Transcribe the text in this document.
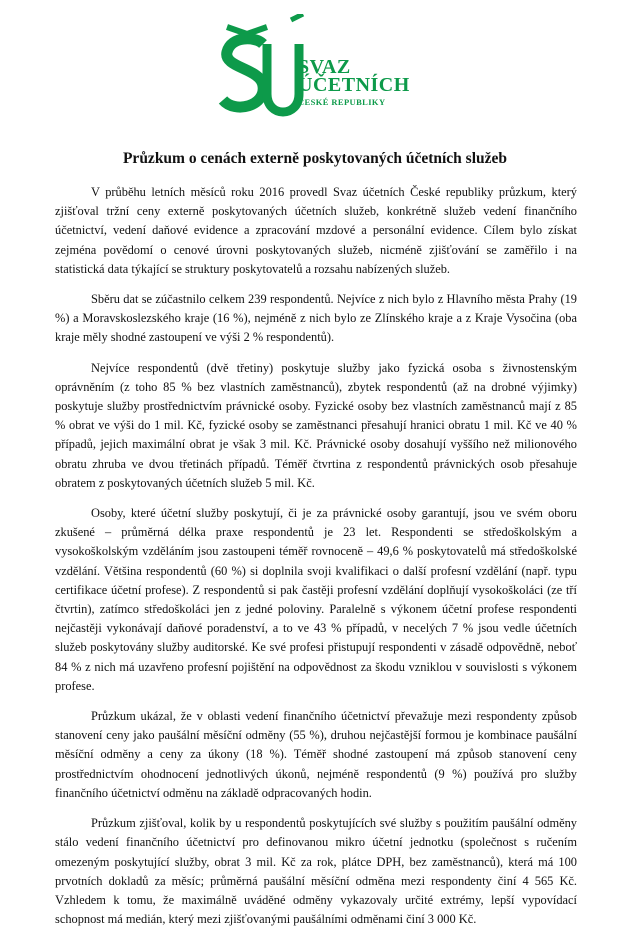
SVAZ
ÚČETNÍCH
ČESKÉ REPUBLIKY
Průzkum o cenách externě poskytovaných účetních služeb

V průběhu letních měsíců roku 2016 provedl Svaz účetních České republiky průzkum, který zjišťoval tržní ceny externě poskytovaných účetních služeb, konkrétně služeb vedení finančního účetnictví, vedení daňové evidence a zpracování mzdové a personální evidence. Cílem bylo získat zejména povědomí o cenové úrovni poskytovaných služeb, nicméně zjišťování se zaměřilo i na statistická data týkající se struktury poskytovatelů a rozsahu nabízených služeb.

Sběru dat se zúčastnilo celkem 239 respondentů. Nejvíce z nich bylo z Hlavního města Prahy (19 %) a Moravskoslezského kraje (16 %), nejméně z nich bylo ze Zlínského kraje a z Kraje Vysočina (oba kraje měly shodné zastoupení ve výši 2 % respondentů).

Nejvíce respondentů (dvě třetiny) poskytuje služby jako fyzická osoba s živnostenským oprávněním (z toho 85 % bez vlastních zaměstnanců), zbytek respondentů (až na drobné výjimky) poskytuje služby prostřednictvím právnické osoby. Fyzické osoby bez vlastních zaměstnanců mají z 85 % obrat ve výši do 1 mil. Kč, fyzické osoby se zaměstnanci přesahují hranici obratu 1 mil. Kč ve 40 % případů, jejich maximální obrat je však 3 mil. Kč. Právnické osoby dosahují vyššího než milionového obratu zhruba ve dvou třetinách případů. Téměř čtvrtina z respondentů právnických osob přesahuje obratem z poskytovaných účetních služeb 5 mil. Kč.

Osoby, které účetní služby poskytují, či je za právnické osoby garantují, jsou ve svém oboru zkušené – průměrná délka praxe respondentů je 23 let. Respondenti se středoškolským a vysokoškolským vzděláním jsou zastoupeni téměř rovnoceně – 49,6 % poskytovatelů má středoškolské vzdělání. Většina respondentů (60 %) si doplnila svoji kvalifikaci o další profesní vzdělání (např. typu certifikace účetní profese). Z respondentů si pak častěji profesní vzdělání doplňují vysokoškoláci (ze tří čtvrtin), zatímco středoškoláci jen z jedné poloviny. Paralelně s výkonem účetní profese respondenti nejčastěji vykonávají daňové poradenství, a to ve 43 % případů, v necelých 7 % jsou vedle účetních služeb poskytovány služby auditorské. Ke své profesi přistupují respondenti v zásadě odpovědně, neboť 84 % z nich má uzavřeno profesní pojištění na odpovědnost za škodu vzniklou v souvislosti s výkonem profese.

Průzkum ukázal, že v oblasti vedení finančního účetnictví převažuje mezi respondenty způsob stanovení ceny jako paušální měsíční odměny (55 %), druhou nejčastější formou je kombinace paušální měsíční odměny a ceny za úkony (18 %). Téměř shodné zastoupení má způsob stanovení ceny prostřednictvím ohodnocení jednotlivých úkonů, nejméně respondentů (9 %) používá pro služby finančního účetnictví odměnu na základě odpracovaných hodin.

Průzkum zjišťoval, kolik by u respondentů poskytujících své služby s použitím paušální odměny stálo vedení finančního účetnictví pro definovanou mikro účetní jednotku (společnost s ručením omezeným poskytující služby, obrat 3 mil. Kč za rok, plátce DPH, bez zaměstnanců), která má 100 prvotních dokladů za měsíc; průměrná paušální měsíční odměna mezi respondenty činí 4 565 Kč. Vzhledem k tomu, že maximálně uváděné odměny vykazovaly určité extrémy, lepší vypovídací schopnost má medián, který mezi zjišťovanými paušálními odměnami činí 3 000 Kč.
